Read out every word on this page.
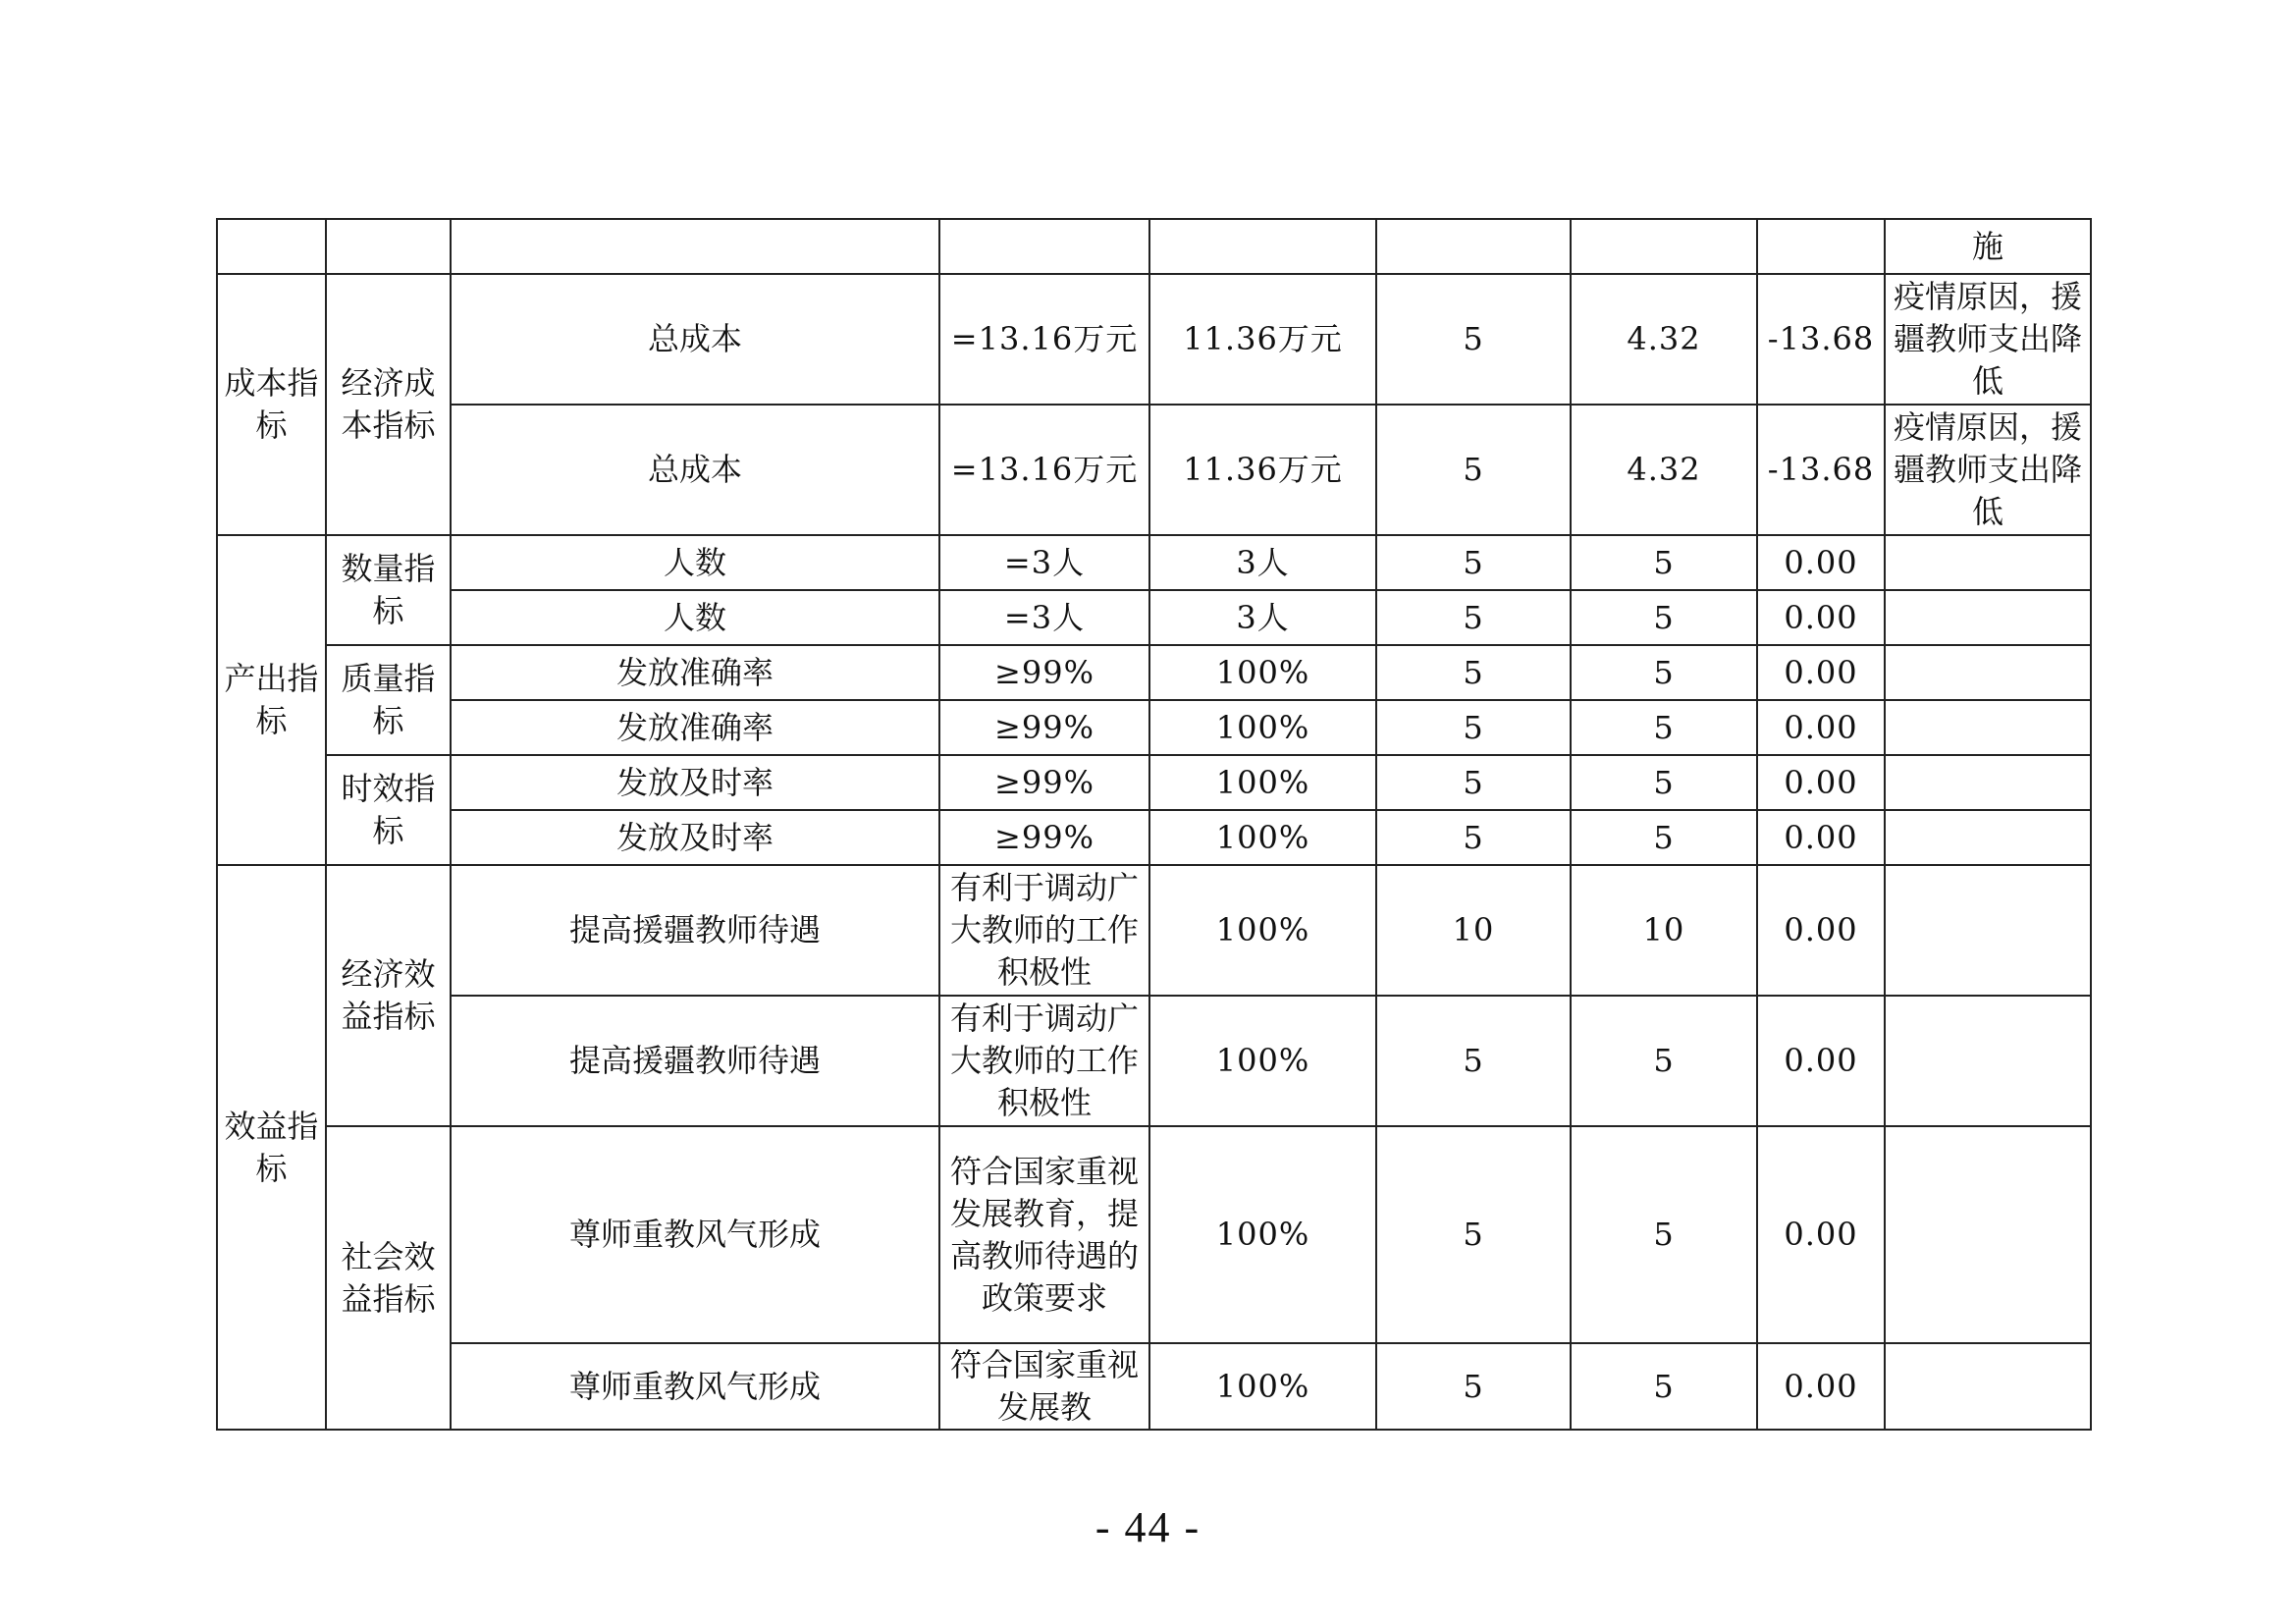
								施
成本指标	经济成本指标	总成本	=13.16万元	11.36万元	5	4.32	-13.68	疫情原因，援疆教师支出降低
		总成本	=13.16万元	11.36万元	5	4.32	-13.68	疫情原因，援疆教师支出降低
产出指标	数量指标	人数	=3人	3人	5	5	0.00	
		人数	=3人	3人	5	5	0.00	
	质量指标	发放准确率	≥99%	100%	5	5	0.00	
		发放准确率	≥99%	100%	5	5	0.00	
	时效指标	发放及时率	≥99%	100%	5	5	0.00	
		发放及时率	≥99%	100%	5	5	0.00	
效益指标	经济效益指标	提高援疆教师待遇	有利于调动广大教师的工作积极性	100%	10	10	0.00	
		提高援疆教师待遇	有利于调动广大教师的工作积极性	100%	5	5	0.00	
	社会效益指标	尊师重教风气形成	符合国家重视发展教育，提高教师待遇的政策要求	100%	5	5	0.00	
		尊师重教风气形成	符合国家重视发展教	100%	5	5	0.00	
- 44 -
